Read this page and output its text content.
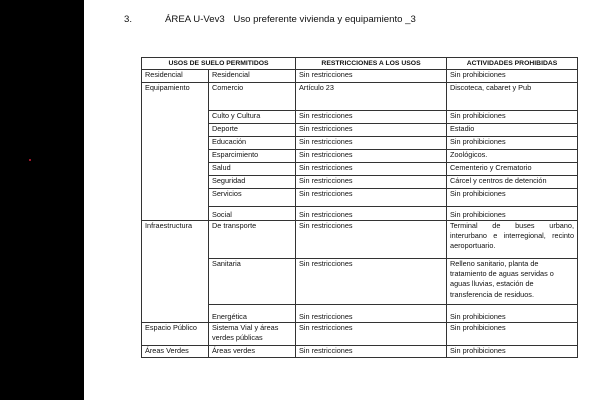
3.	ÁREA U-Vev3 Uso preferente vivienda y equipamiento _3
USOS DE SUELO PERMITIDOS		RESTRICCIONES A LOS USOS	ACTIVIDADES PROHIBIDAS
Residencial	Residencial	Sin restricciones	Sin prohibiciones
Equipamiento	Comercio	Artículo 23	Discoteca, cabaret y Pub
	Culto y Cultura	Sin restricciones	Sin prohibiciones
	Deporte	Sin restricciones	Estadio
	Educación	Sin restricciones	Sin prohibiciones
	Esparcimiento	Sin restricciones	Zoológicos.
	Salud	Sin restricciones	Cementerio y Crematorio
	Seguridad	Sin restricciones	Cárcel y centros de detención
	Servicios	Sin restricciones	Sin prohibiciones
	Social	Sin restricciones	Sin prohibiciones
Infraestructura	De transporte	Sin restricciones	Terminal de buses urbano, interurbano e interregional, recinto aeroportuario.
	Sanitaria	Sin restricciones	Relleno sanitario, planta de tratamiento de aguas servidas o aguas lluvias, estación de transferencia de residuos.
	Energética	Sin restricciones	Sin prohibiciones
Espacio Público	Sistema Vial y áreas verdes públicas	Sin restricciones	Sin prohibiciones
Áreas Verdes	Áreas verdes	Sin restricciones	Sin prohibiciones
